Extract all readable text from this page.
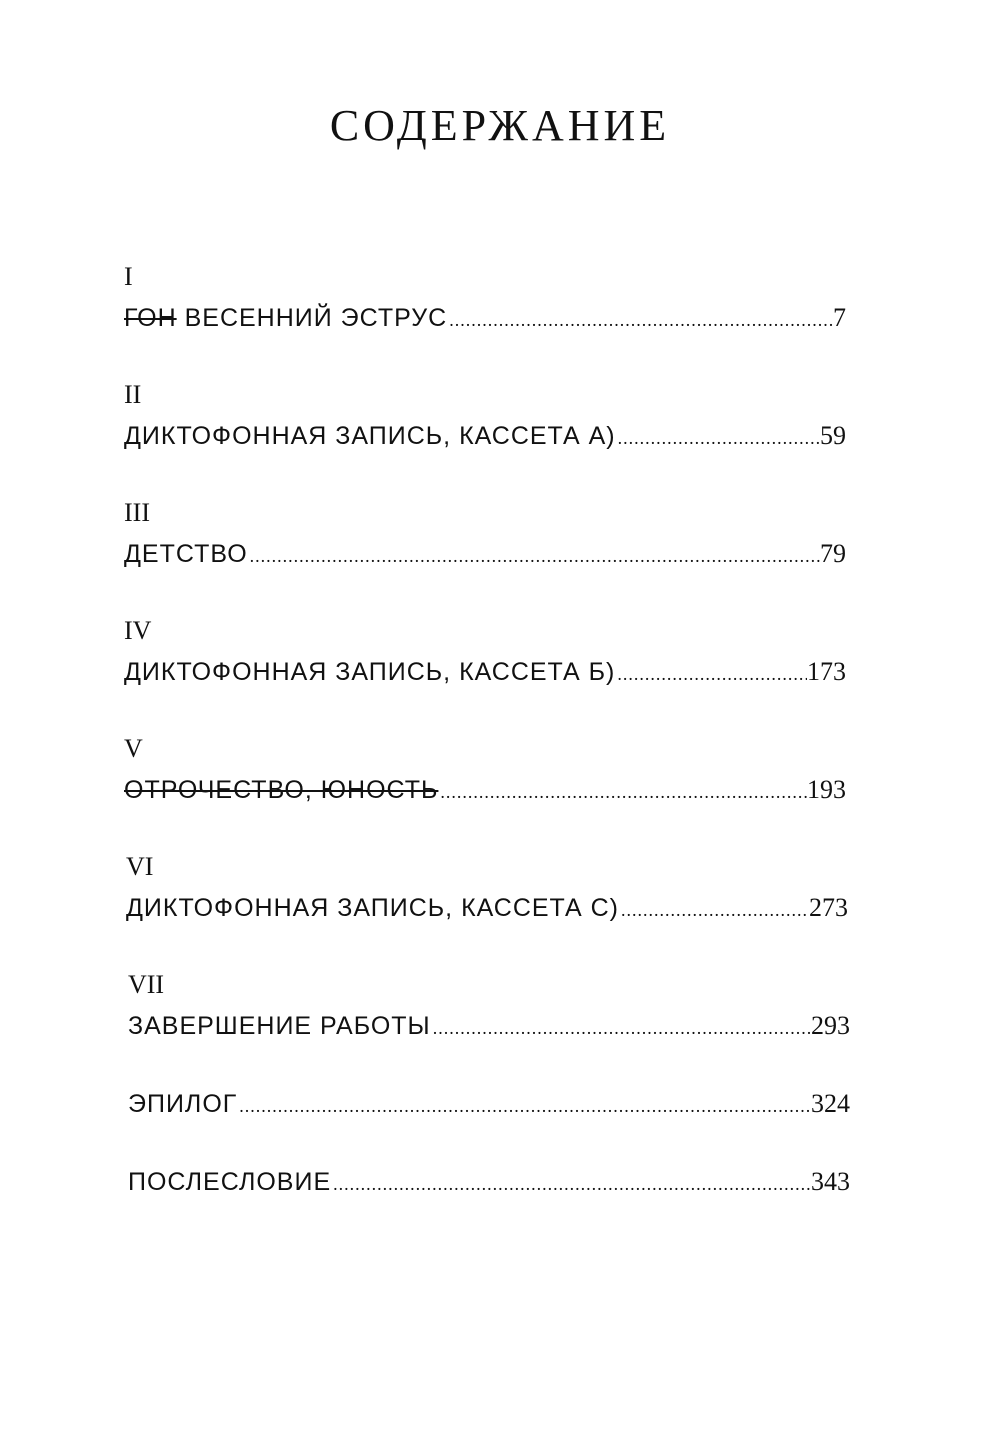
СОДЕРЖАНИЕ
I
ГОН ВЕСЕННИЙ ЭСТРУС .....	7
II
ДИКТОФОННАЯ ЗАПИСЬ, КАССЕТА А) .....	59
III
ДЕТСТВО .....	79
IV
ДИКТОФОННАЯ ЗАПИСЬ, КАССЕТА Б) .....	173
V
ОТРОЧЕСТВО, ЮНОСТЬ .....	193
VI
ДИКТОФОННАЯ ЗАПИСЬ, КАССЕТА С) .....	273
VII
ЗАВЕРШЕНИЕ РАБОТЫ .....	293
ЭПИЛОГ .....	324
ПОСЛЕСЛОВИЕ .....	343
